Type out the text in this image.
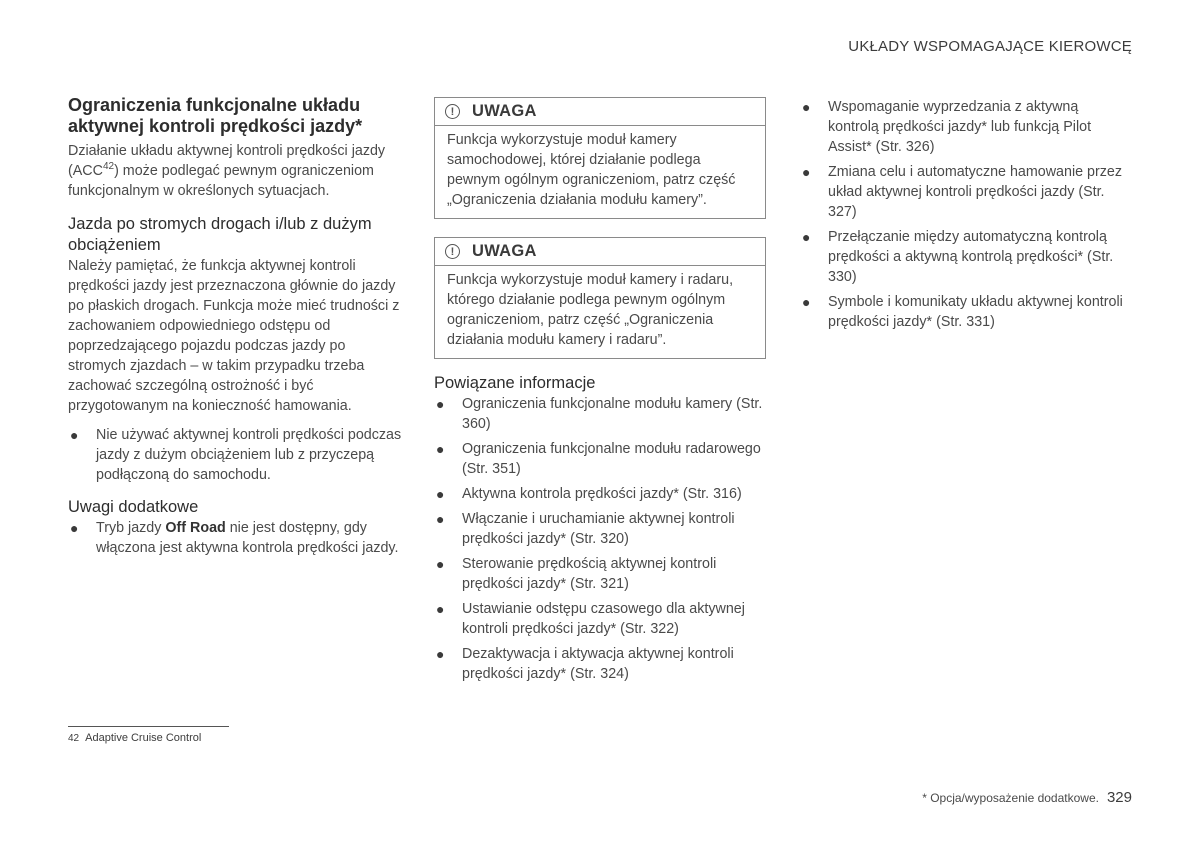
UKŁADY WSPOMAGAJĄCE KIEROWCĘ
Ograniczenia funkcjonalne układu aktywnej kontroli prędkości jazdy*

Działanie układu aktywnej kontroli prędkości jazdy (ACC$^{42}$) może podlegać pewnym ograniczeniom funkcjonalnym w określonych sytuacjach.

Jazda po stromych drogach i/lub z dużym obciążeniem

Należy pamiętać, że funkcja aktywnej kontroli prędkości jazdy jest przeznaczona głównie do jazdy po płaskich drogach. Funkcja może mieć trudności z zachowaniem odpowiedniego odstępu od poprzedzającego pojazdu podczas jazdy po stromych zjazdach – w takim przypadku trzeba zachować szczególną ostrożność i być przygotowanym na konieczność hamowania.

● Nie używać aktywnej kontroli prędkości podczas jazdy z dużym obciążeniem lub z przyczepą podłączoną do samochodu.
Uwagi dodatkowe
● Tryb jazdy Off Road nie jest dostępny, gdy włączona jest aktywna kontrola prędkości jazdy.
!	UWAGA
Funkcja wykorzystuje moduł kamery samochodowej, której działanie podlega pewnym ogólnym ograniczeniom, patrz część „Ograniczenia działania modułu kamery”.
!	UWAGA
Funkcja wykorzystuje moduł kamery i radaru, którego działanie podlega pewnym ogólnym ograniczeniom, patrz część „Ograniczenia działania modułu kamery i radaru”.
Powiązane informacje
● Ograniczenia funkcjonalne modułu kamery (Str. 360)
● Ograniczenia funkcjonalne modułu radarowego (Str. 351)
● Aktywna kontrola prędkości jazdy* (Str. 316)
● Włączanie i uruchamianie aktywnej kontroli prędkości jazdy* (Str. 320)
● Sterowanie prędkością aktywnej kontroli prędkości jazdy* (Str. 321)
● Ustawianie odstępu czasowego dla aktywnej kontroli prędkości jazdy* (Str. 322)
● Dezaktywacja i aktywacja aktywnej kontroli prędkości jazdy* (Str. 324)
● Wspomaganie wyprzedzania z aktywną kontrolą prędkości jazdy* lub funkcją Pilot Assist* (Str. 326)
● Zmiana celu i automatyczne hamowanie przez układ aktywnej kontroli prędkości jazdy (Str. 327)
● Przełączanie między automatyczną kontrolą prędkości a aktywną kontrolą prędkości* (Str. 330)
● Symbole i komunikaty układu aktywnej kontroli prędkości jazdy* (Str. 331)
42 Adaptive Cruise Control
* Opcja/wyposażenie dodatkowe. 329
